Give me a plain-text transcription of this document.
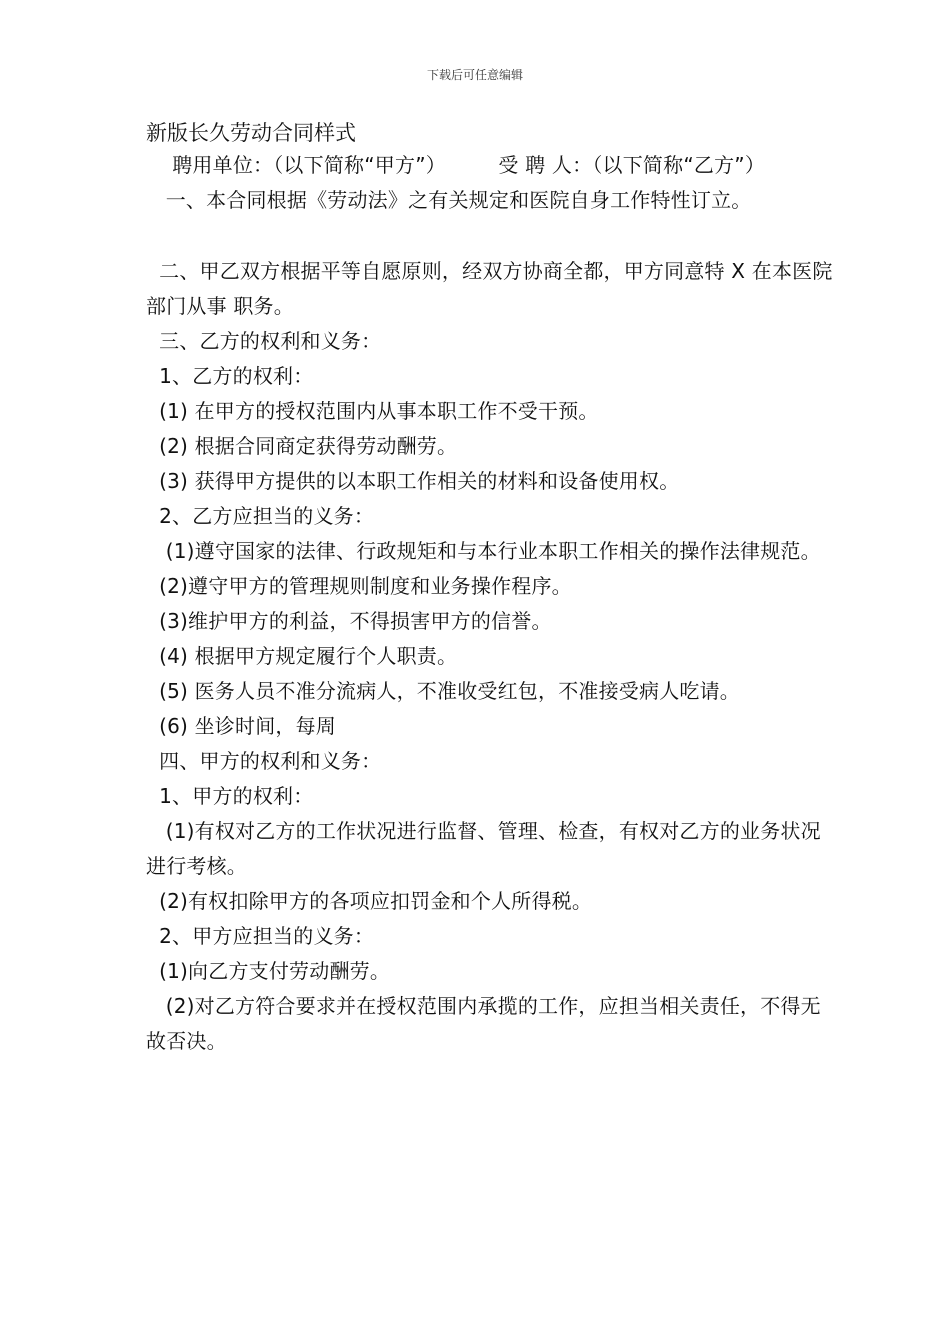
下载后可任意编辑
新版长久劳动合同样式

聘用单位：（以下简称“甲方”）        受 聘 人：（以下简称“乙方”）

一、本合同根据《劳动法》之有关规定和医院自身工作特性订立。

二、甲乙双方根据平等自愿原则，经双方协商全都，甲方同意特 X 在本医院 部门从事 职务。

三、乙方的权利和义务：

1、乙方的权利：

(1) 在甲方的授权范围内从事本职工作不受干预。

(2) 根据合同商定获得劳动酬劳。

(3) 获得甲方提供的以本职工作相关的材料和设备使用权。

2、乙方应担当的义务：

(1)遵守国家的法律、行政规矩和与本行业本职工作相关的操作法律规范。

(2)遵守甲方的管理规则制度和业务操作程序。

(3)维护甲方的利益，不得损害甲方的信誉。

(4) 根据甲方规定履行个人职责。

(5) 医务人员不准分流病人，不准收受红包，不准接受病人吃请。

(6) 坐诊时间，每周

四、甲方的权利和义务：

1、甲方的权利：

(1)有权对乙方的工作状况进行监督、管理、检查，有权对乙方的业务状况进行考核。

(2)有权扣除甲方的各项应扣罚金和个人所得税。

2、甲方应担当的义务：

(1)向乙方支付劳动酬劳。

(2)对乙方符合要求并在授权范围内承揽的工作，应担当相关责任，不得无故否决。
